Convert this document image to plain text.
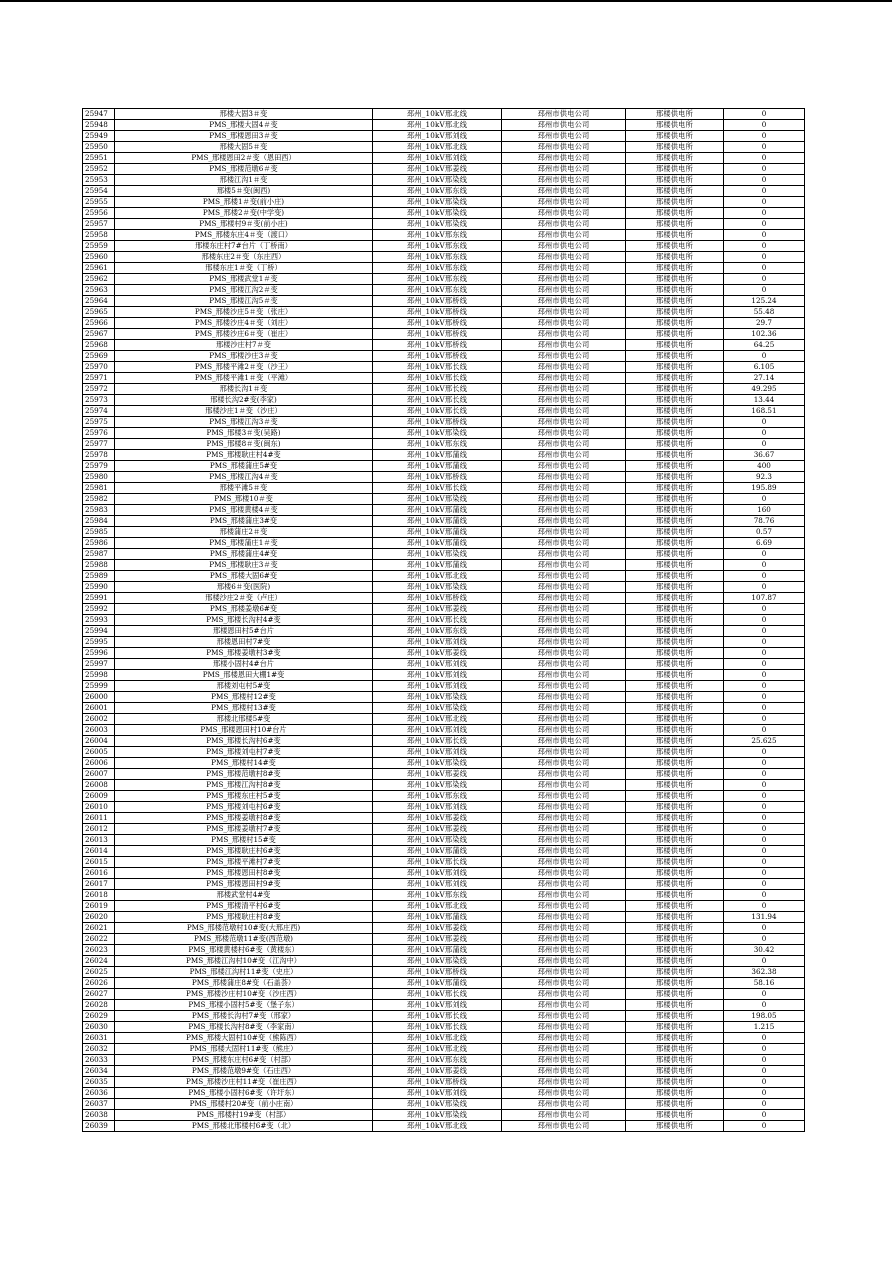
25947	邢楼大固3＃变	邳州_10kV邢北线	邳州市供电公司	邢楼供电所	0
25948	PMS_邢楼大固4＃变	邳州_10kV邢北线	邳州市供电公司	邢楼供电所	0
25949	PMS_邢楼恩田3＃变	邳州_10kV邢刘线	邳州市供电公司	邢楼供电所	0
25950	邢楼大固5＃变	邳州_10kV邢北线	邳州市供电公司	邢楼供电所	0
25951	PMS_邢楼恩田2＃变（恩田西）	邳州_10kV邢刘线	邳州市供电公司	邢楼供电所	0
25952	PMS_邢楼范墩6＃变	邳州_10kV邢姜线	邳州市供电公司	邢楼供电所	0
25953	邢楼江沟1＃变	邳州_10kV邢染线	邳州市供电公司	邢楼供电所	0
25954	邢楼5＃变(闽西)	邳州_10kV邢东线	邳州市供电公司	邢楼供电所	0
25955	PMS_邢楼1＃变(前小庄)	邳州_10kV邢染线	邳州市供电公司	邢楼供电所	0
25956	PMS_邢楼2＃变(中学变)	邳州_10kV邢染线	邳州市供电公司	邢楼供电所	0
25957	PMS_邢楼村9＃变(前小庄)	邳州_10kV邢染线	邳州市供电公司	邢楼供电所	0
25958	PMS_邢楼东庄4＃变（渡口）	邳州_10kV邢东线	邳州市供电公司	邢楼供电所	0
25959	邢楼东庄村7#台片（丁桥南）	邳州_10kV邢东线	邳州市供电公司	邢楼供电所	0
25960	邢楼东庄2＃变（东庄西）	邳州_10kV邢东线	邳州市供电公司	邢楼供电所	0
25961	邢楼东庄1＃变（丁桥）	邳州_10kV邢东线	邳州市供电公司	邢楼供电所	0
25962	PMS_邢楼武堂1＃变	邳州_10kV邢东线	邳州市供电公司	邢楼供电所	0
25963	PMS_邢楼江沟2＃变	邳州_10kV邢东线	邳州市供电公司	邢楼供电所	0
25964	PMS_邢楼江沟5＃变	邳州_10kV邢桥线	邳州市供电公司	邢楼供电所	125.24
25965	PMS_邢楼沙庄5＃变（张庄）	邳州_10kV邢桥线	邳州市供电公司	邢楼供电所	55.48
25966	PMS_邢楼沙庄4＃变（刘庄）	邳州_10kV邢桥线	邳州市供电公司	邢楼供电所	29.7
25967	PMS_邢楼沙庄6＃变（崔庄）	邳州_10kV邢桥线	邳州市供电公司	邢楼供电所	102.36
25968	邢楼沙庄村7＃变	邳州_10kV邢桥线	邳州市供电公司	邢楼供电所	64.25
25969	PMS_邢楼沙庄3＃变	邳州_10kV邢桥线	邳州市供电公司	邢楼供电所	0
25970	PMS_邢楼平滩2＃变（沙王）	邳州_10kV邢长线	邳州市供电公司	邢楼供电所	6.105
25971	PMS_邢楼平滩1＃变（平滩）	邳州_10kV邢长线	邳州市供电公司	邢楼供电所	27.14
25972	邢楼长沟1＃变	邳州_10kV邢长线	邳州市供电公司	邢楼供电所	49.295
25973	邢楼长沟2#变(李家)	邳州_10kV邢长线	邳州市供电公司	邢楼供电所	13.44
25974	邢楼沙庄1＃变（沙庄）	邳州_10kV邢长线	邳州市供电公司	邢楼供电所	168.51
25975	PMS_邢楼江沟3＃变	邳州_10kV邢桥线	邳州市供电公司	邢楼供电所	0
25976	PMS_邢楼3＃变(吴路)	邳州_10kV邢染线	邳州市供电公司	邢楼供电所	0
25977	PMS_邢楼8＃变(闽东)	邳州_10kV邢东线	邳州市供电公司	邢楼供电所	0
25978	PMS_邢楼耿庄村4#变	邳州_10kV邢蒲线	邳州市供电公司	邢楼供电所	36.67
25979	PMS_邢楼蒲庄5#变	邳州_10kV邢蒲线	邳州市供电公司	邢楼供电所	400
25980	PMS_邢楼江沟4＃变	邳州_10kV邢桥线	邳州市供电公司	邢楼供电所	92.3
25981	邢楼平滩5＃变	邳州_10kV邢长线	邳州市供电公司	邢楼供电所	195.89
25982	PMS_邢楼10＃变	邳州_10kV邢染线	邳州市供电公司	邢楼供电所	0
25983	PMS_邢楼黄楼4＃变	邳州_10kV邢蒲线	邳州市供电公司	邢楼供电所	160
25984	PMS_邢楼蒲庄3#变	邳州_10kV邢蒲线	邳州市供电公司	邢楼供电所	78.76
25985	邢楼蒲庄2＃变	邳州_10kV邢蒲线	邳州市供电公司	邢楼供电所	0.57
25986	PMS_邢楼蒲庄1＃变	邳州_10kV邢蒲线	邳州市供电公司	邢楼供电所	6.69
25987	PMS_邢楼蒲庄4#变	邳州_10kV邢染线	邳州市供电公司	邢楼供电所	0
25988	PMS_邢楼耿庄3＃变	邳州_10kV邢蒲线	邳州市供电公司	邢楼供电所	0
25989	PMS_邢楼大固6#变	邳州_10kV邢北线	邳州市供电公司	邢楼供电所	0
25990	邢楼6＃变(医院)	邳州_10kV邢染线	邳州市供电公司	邢楼供电所	0
25991	邢楼沙庄2＃变（卢庄）	邳州_10kV邢桥线	邳州市供电公司	邢楼供电所	107.87
25992	PMS_邢楼姜墩6#变	邳州_10kV邢姜线	邳州市供电公司	邢楼供电所	0
25993	PMS_邢楼长沟村4#变	邳州_10kV邢长线	邳州市供电公司	邢楼供电所	0
25994	邢楼恩田村5#台片	邳州_10kV邢东线	邳州市供电公司	邢楼供电所	0
25995	邢楼恩田村7#变	邳州_10kV邢刘线	邳州市供电公司	邢楼供电所	0
25996	PMS_邢楼姜墩村3#变	邳州_10kV邢姜线	邳州市供电公司	邢楼供电所	0
25997	邢楼小固村4#台片	邳州_10kV邢刘线	邳州市供电公司	邢楼供电所	0
25998	PMS_邢楼恩田大棚1#变	邳州_10kV邢刘线	邳州市供电公司	邢楼供电所	0
25999	邢楼刘屯村5#变	邳州_10kV邢刘线	邳州市供电公司	邢楼供电所	0
26000	PMS_邢楼村12#变	邳州_10kV邢染线	邳州市供电公司	邢楼供电所	0
26001	PMS_邢楼村13#变	邳州_10kV邢染线	邳州市供电公司	邢楼供电所	0
26002	邢楼北邢楼5#变	邳州_10kV邢北线	邳州市供电公司	邢楼供电所	0
26003	PMS_邢楼恩田村10#台片	邳州_10kV邢刘线	邳州市供电公司	邢楼供电所	0
26004	PMS_邢楼长沟村6#变	邳州_10kV邢长线	邳州市供电公司	邢楼供电所	25.625
26005	PMS_邢楼刘屯村7#变	邳州_10kV邢刘线	邳州市供电公司	邢楼供电所	0
26006	PMS_邢楼村14#变	邳州_10kV邢染线	邳州市供电公司	邢楼供电所	0
26007	PMS_邢楼范墩村8#变	邳州_10kV邢姜线	邳州市供电公司	邢楼供电所	0
26008	PMS_邢楼江沟村8#变	邳州_10kV邢染线	邳州市供电公司	邢楼供电所	0
26009	PMS_邢楼东庄村5#变	邳州_10kV邢东线	邳州市供电公司	邢楼供电所	0
26010	PMS_邢楼刘屯村6#变	邳州_10kV邢刘线	邳州市供电公司	邢楼供电所	0
26011	PMS_邢楼姜墩村8#变	邳州_10kV邢姜线	邳州市供电公司	邢楼供电所	0
26012	PMS_邢楼姜墩村7#变	邳州_10kV邢姜线	邳州市供电公司	邢楼供电所	0
26013	PMS_邢楼村15#变	邳州_10kV邢染线	邳州市供电公司	邢楼供电所	0
26014	PMS_邢楼耿庄村6#变	邳州_10kV邢蒲线	邳州市供电公司	邢楼供电所	0
26015	PMS_邢楼平滩村7#变	邳州_10kV邢长线	邳州市供电公司	邢楼供电所	0
26016	PMS_邢楼恩田村8#变	邳州_10kV邢刘线	邳州市供电公司	邢楼供电所	0
26017	PMS_邢楼恩田村9#变	邳州_10kV邢刘线	邳州市供电公司	邢楼供电所	0
26018	邢楼武堂村4#变	邳州_10kV邢东线	邳州市供电公司	邢楼供电所	0
26019	PMS_邢楼清平村6#变	邳州_10kV邢北线	邳州市供电公司	邢楼供电所	0
26020	PMS_邢楼耿庄村8#变	邳州_10kV邢蒲线	邳州市供电公司	邢楼供电所	131.94
26021	PMS_邢楼范墩村10#变(大邢庄西)	邳州_10kV邢姜线	邳州市供电公司	邢楼供电所	0
26022	PMS_邢楼范墩11#变(西范墩)	邳州_10kV邢姜线	邳州市供电公司	邢楼供电所	0
26023	PMS_邢楼黄楼村6#变（黄楼东）	邳州_10kV邢蒲线	邳州市供电公司	邢楼供电所	30.42
26024	PMS_邢楼江沟村10#变（江沟中）	邳州_10kV邢染线	邳州市供电公司	邢楼供电所	0
26025	PMS_邢楼江沟村11#变（史庄）	邳州_10kV邢桥线	邳州市供电公司	邢楼供电所	362.38
26026	PMS_邢楼蒲庄8#变（石盖荟）	邳州_10kV邢蒲线	邳州市供电公司	邢楼供电所	58.16
26027	PMS_邢楼沙庄村10#变（沙庄西）	邳州_10kV邢长线	邳州市供电公司	邢楼供电所	0
26028	PMS_邢楼小固村5#变（堡子东）	邳州_10kV邢刘线	邳州市供电公司	邢楼供电所	0
26029	PMS_邢楼长沟村7#变（邢家）	邳州_10kV邢长线	邳州市供电公司	邢楼供电所	198.05
26030	PMS_邢楼长沟村8#变（李家南）	邳州_10kV邢长线	邳州市供电公司	邢楼供电所	1.215
26031	PMS_邢楼大固村10#变（熊陈西）	邳州_10kV邢北线	邳州市供电公司	邢楼供电所	0
26032	PMS_邢楼大固村11#变（熊庄）	邳州_10kV邢北线	邳州市供电公司	邢楼供电所	0
26033	PMS_邢楼东庄村6#变（村部）	邳州_10kV邢东线	邳州市供电公司	邢楼供电所	0
26034	PMS_邢楼范墩9#变（石庄西）	邳州_10kV邢姜线	邳州市供电公司	邢楼供电所	0
26035	PMS_邢楼沙庄村11#变（崔庄西）	邳州_10kV邢桥线	邳州市供电公司	邢楼供电所	0
26036	PMS_邢楼小固村6#变（许圩东）	邳州_10kV邢刘线	邳州市供电公司	邢楼供电所	0
26037	PMS_邢楼村20#变（前小庄南）	邳州_10kV邢染线	邳州市供电公司	邢楼供电所	0
26038	PMS_邢楼村19#变（村部）	邳州_10kV邢染线	邳州市供电公司	邢楼供电所	0
26039	PMS_邢楼北邢楼村6#变（北）	邳州_10kV邢北线	邳州市供电公司	邢楼供电所	0
